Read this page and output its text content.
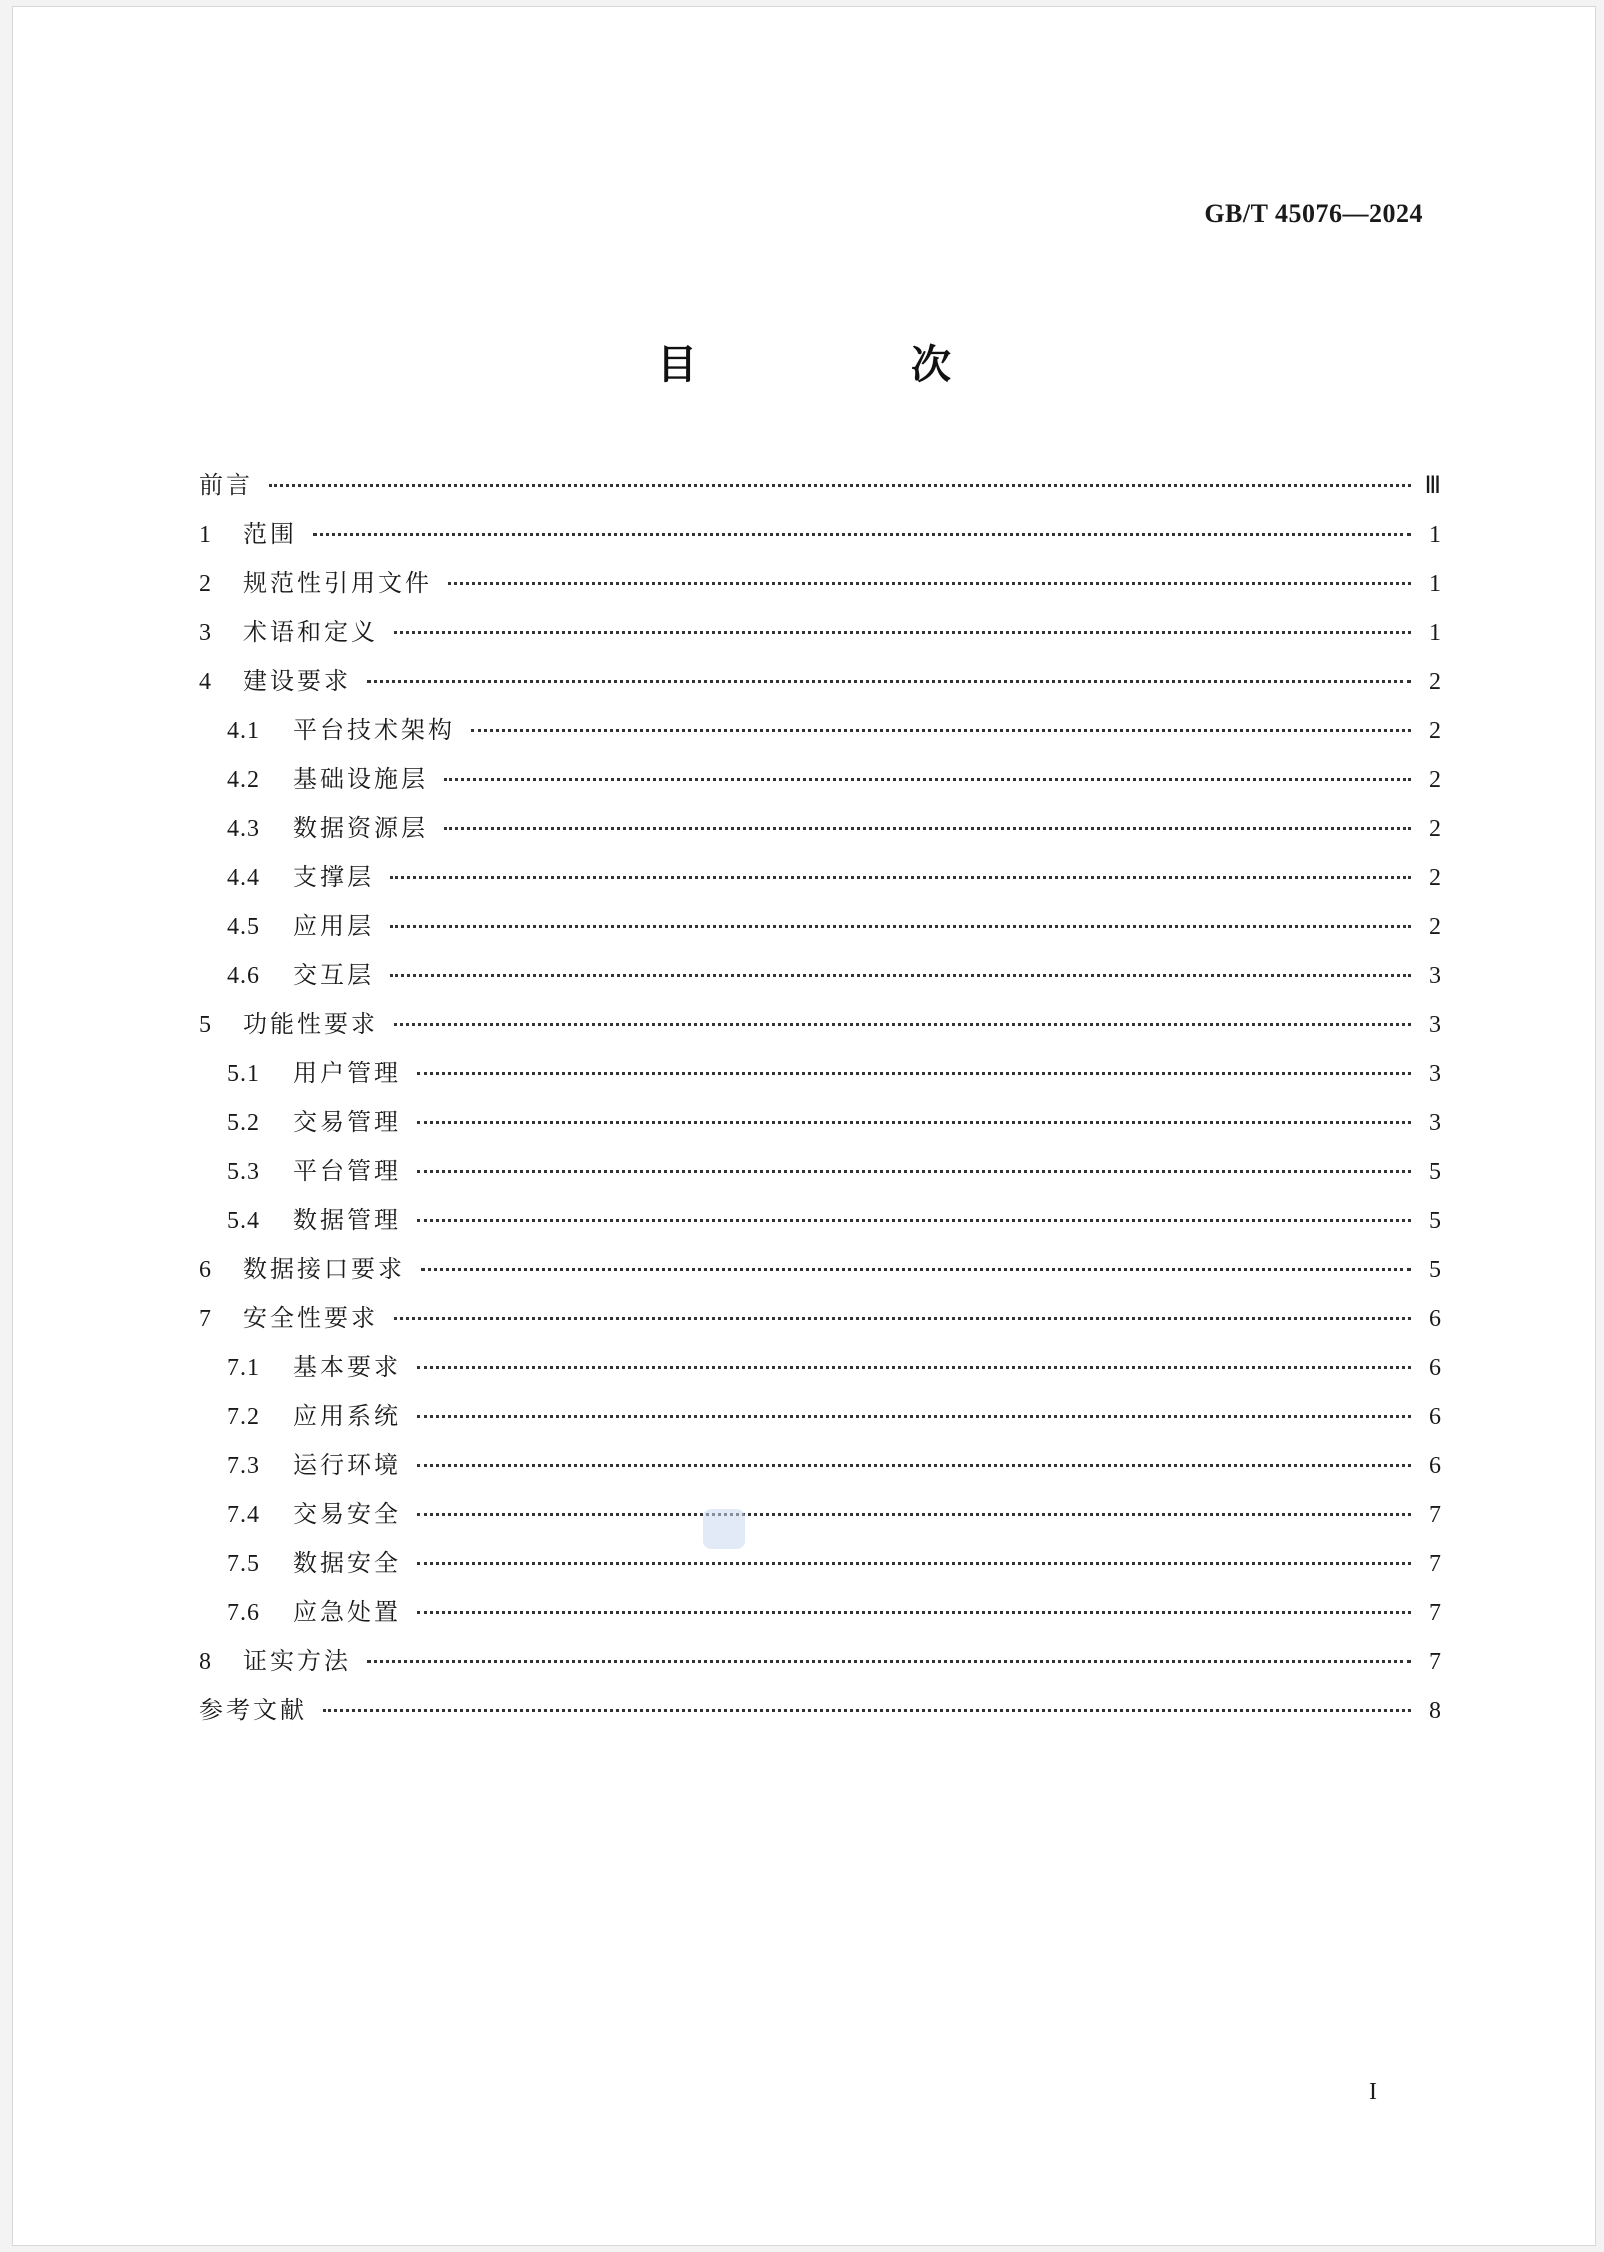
GB/T 45076—2024
目 次
前言	Ⅲ
1	范围	1
2	规范性引用文件	1
3	术语和定义	1
4	建设要求	2
4.1	平台技术架构	2
4.2	基础设施层	2
4.3	数据资源层	2
4.4	支撑层	2
4.5	应用层	2
4.6	交互层	3
5	功能性要求	3
5.1	用户管理	3
5.2	交易管理	3
5.3	平台管理	5
5.4	数据管理	5
6	数据接口要求	5
7	安全性要求	6
7.1	基本要求	6
7.2	应用系统	6
7.3	运行环境	6
7.4	交易安全	7
7.5	数据安全	7
7.6	应急处置	7
8	证实方法	7
参考文献	8
I
